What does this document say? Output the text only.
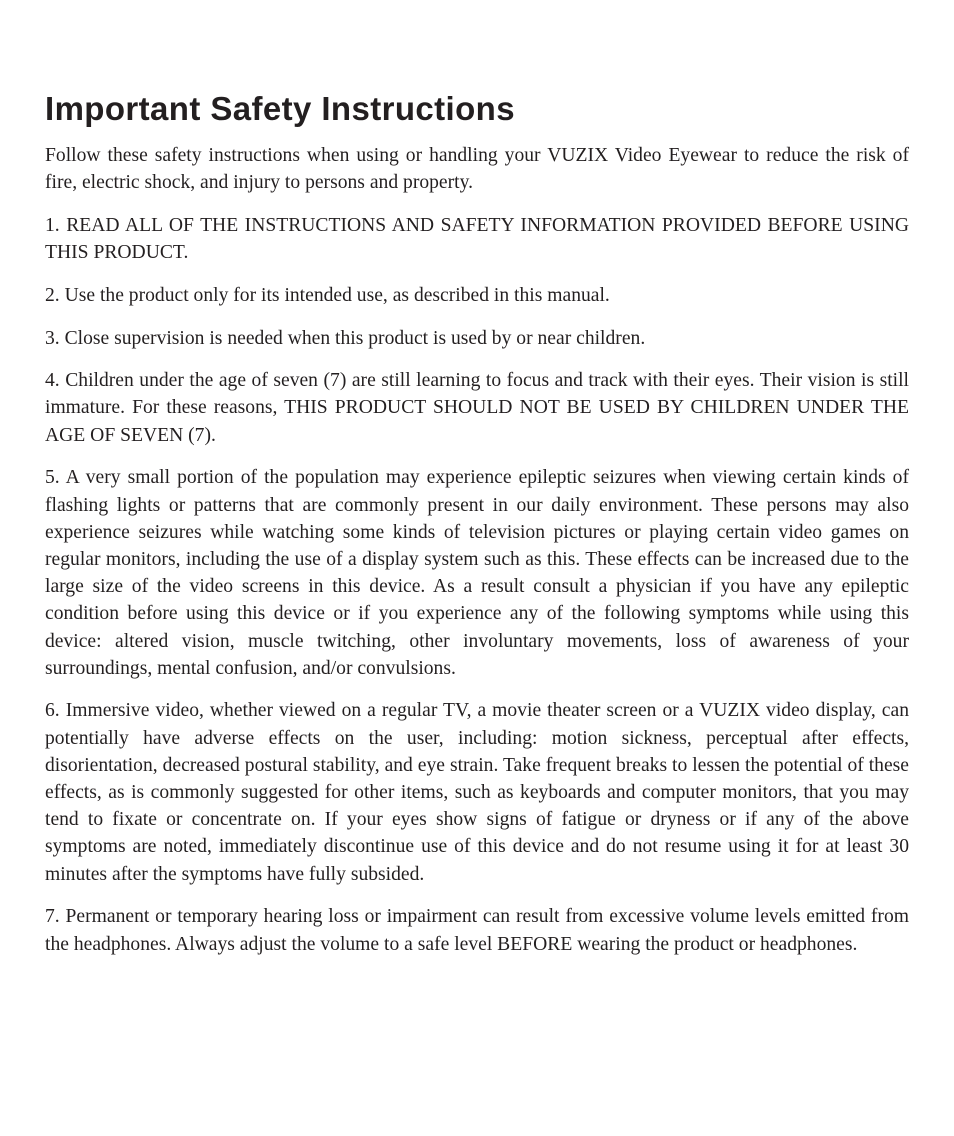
Important Safety Instructions

Follow these safety instructions when using or handling your VUZIX Video Eyewear to reduce the risk of fire, electric shock, and injury to persons and property.

1. READ ALL OF THE INSTRUCTIONS AND SAFETY INFORMATION PROVIDED BEFORE USING THIS PRODUCT.

2. Use the product only for its intended use, as described in this manual.

3. Close supervision is needed when this product is used by or near children.

4. Children under the age of seven (7) are still learning to focus and track with their eyes. Their vision is still immature. For these reasons, THIS PRODUCT SHOULD NOT BE USED BY CHILDREN UNDER THE AGE OF SEVEN (7).

5. A very small portion of the population may experience epileptic seizures when viewing certain kinds of flashing lights or patterns that are commonly present in our daily environment. These persons may also experience seizures while watching some kinds of television pictures or playing certain video games on regular monitors, including the use of a display system such as this. These effects can be increased due to the large size of the video screens in this device. As a result consult a physician if you have any epileptic condition before using this device or if you experience any of the following symptoms while using this device: altered vision, muscle twitching, other involuntary movements, loss of awareness of your surroundings, mental confusion, and/or convulsions.

6. Immersive video, whether viewed on a regular TV, a movie theater screen or a VUZIX video display, can potentially have adverse effects on the user, including: motion sickness, perceptual after effects, disorientation, decreased postural stability, and eye strain. Take frequent breaks to lessen the potential of these effects, as is commonly suggested for other items, such as keyboards and computer monitors, that you may tend to fixate or concentrate on. If your eyes show signs of fatigue or dryness or if any of the above symptoms are noted, immediately discontinue use of this device and do not resume using it for at least 30 minutes after the symptoms have fully subsided.

7. Permanent or temporary hearing loss or impairment can result from excessive volume levels emitted from the headphones. Always adjust the volume to a safe level BEFORE wearing the product or headphones.
